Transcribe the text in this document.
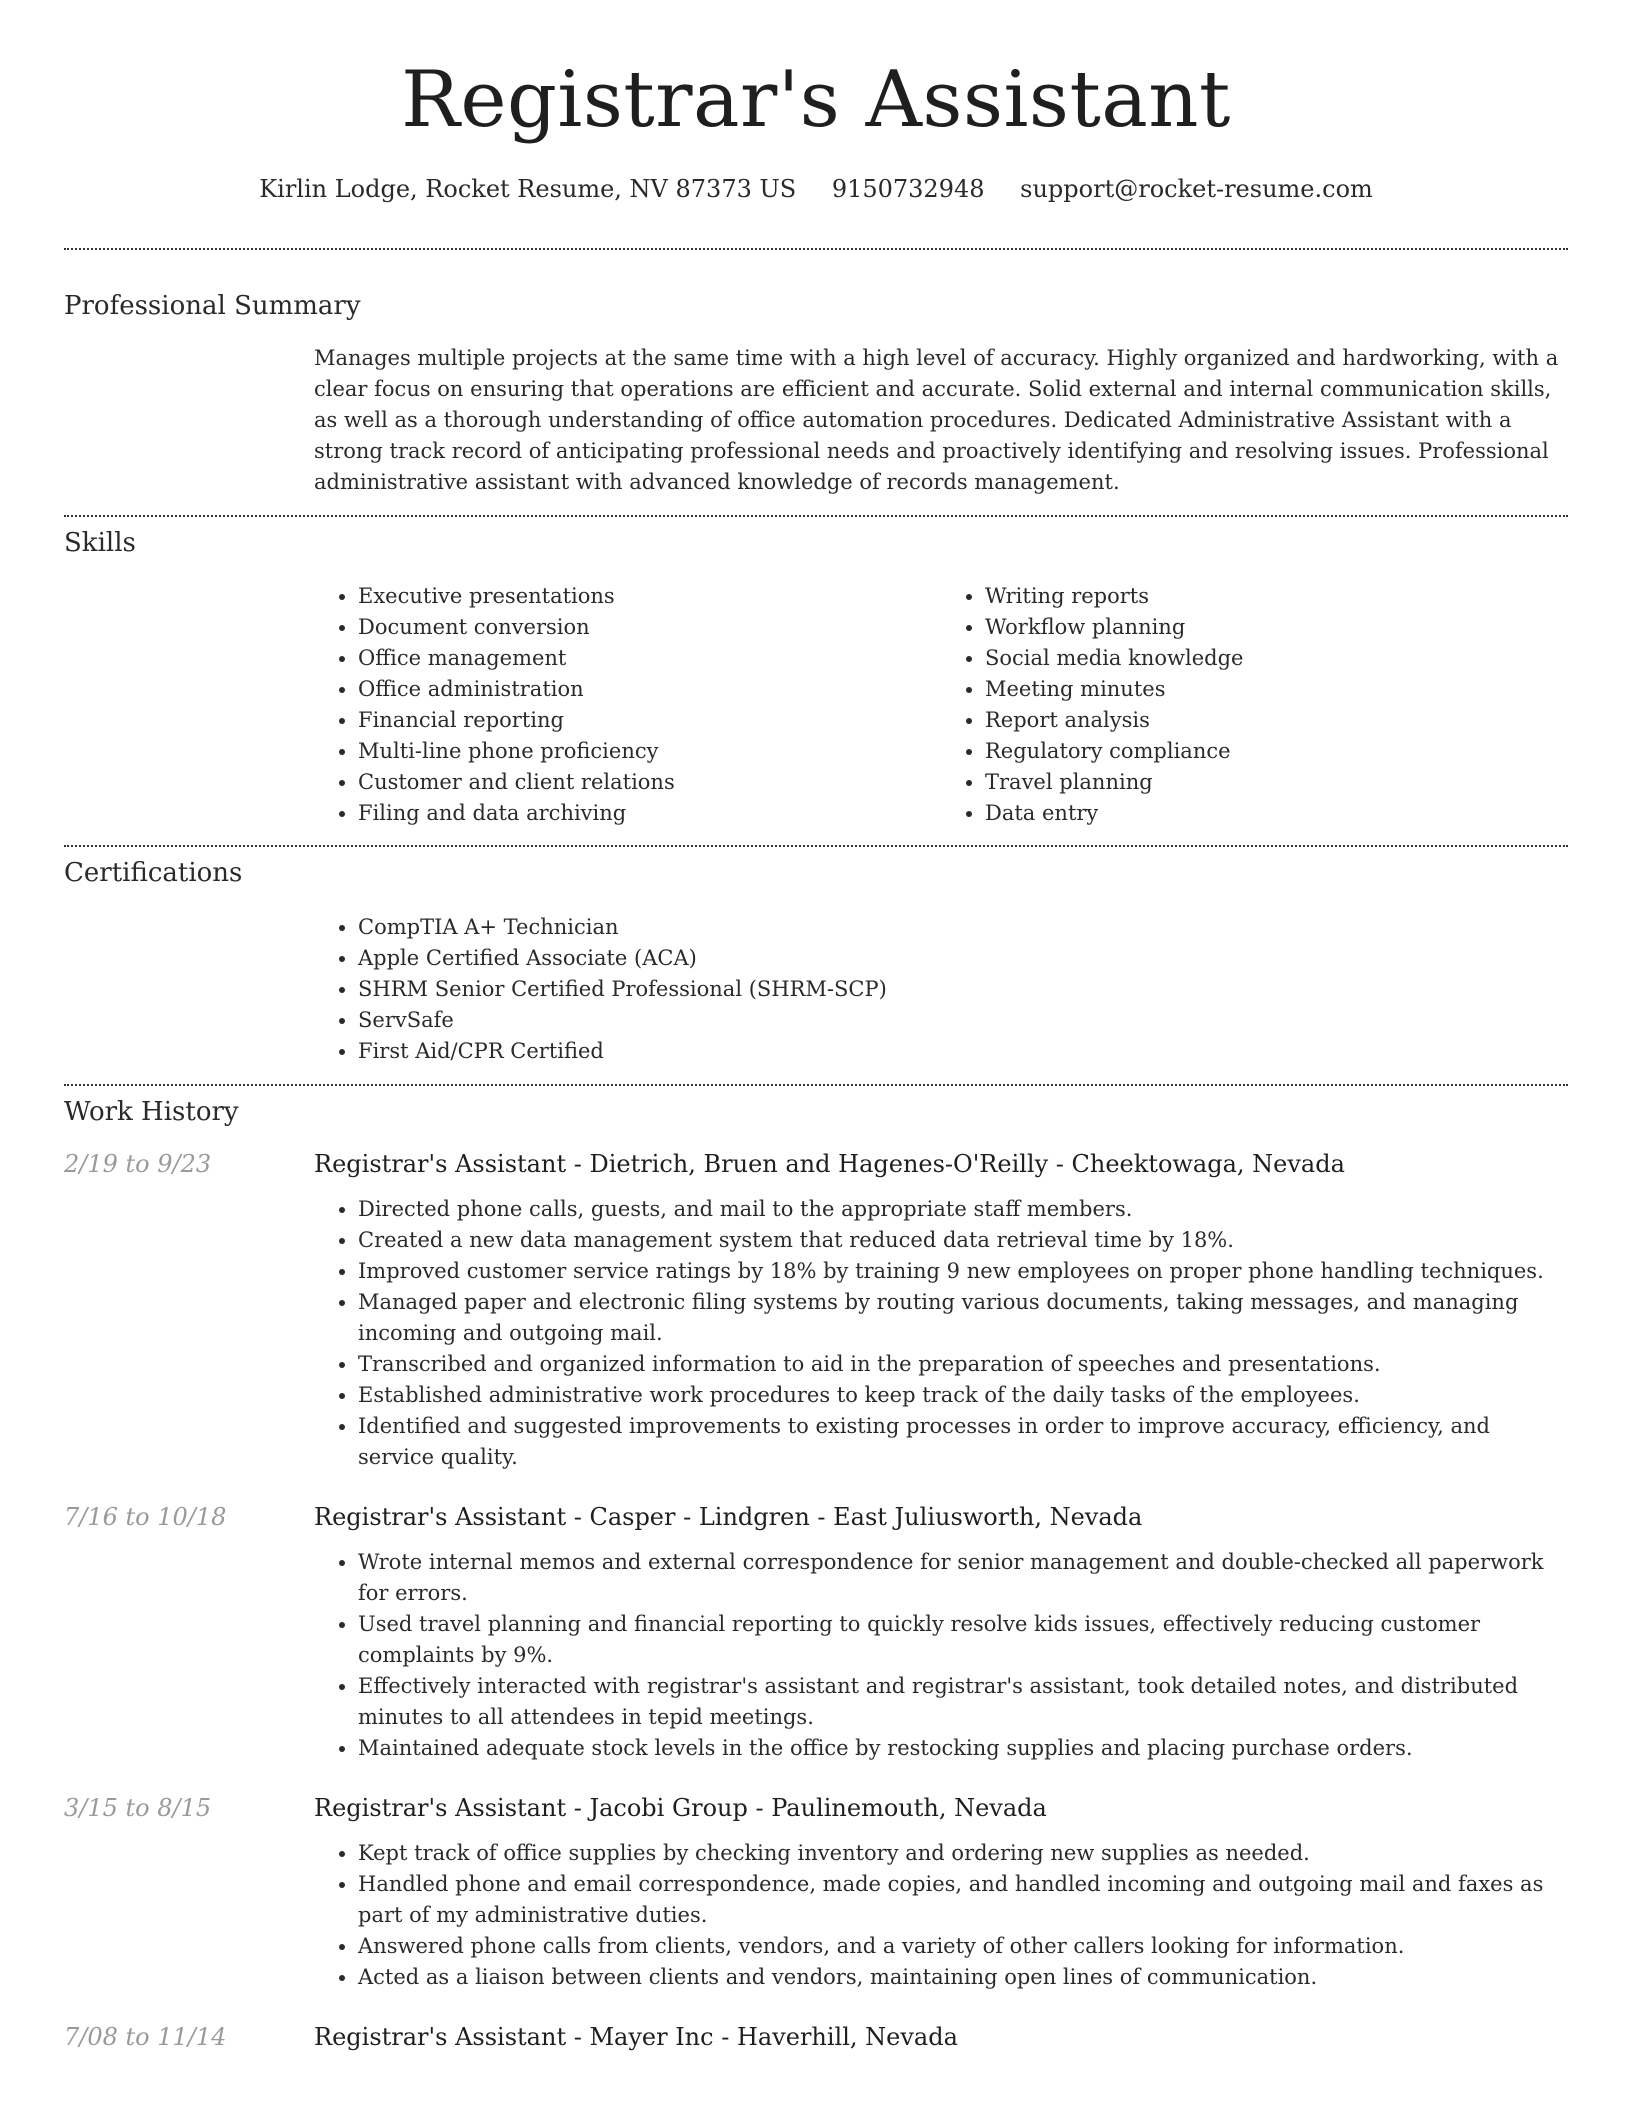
Registrar's Assistant
Kirlin Lodge, Rocket Resume, NV 87373 US 9150732948 support@rocket-resume.com
Professional Summary

Manages multiple projects at the same time with a high level of accuracy. Highly organized and hardworking, with a clear focus on ensuring that operations are efficient and accurate. Solid external and internal communication skills, as well as a thorough understanding of office automation procedures. Dedicated Administrative Assistant with a strong track record of anticipating professional needs and proactively identifying and resolving issues. Professional administrative assistant with advanced knowledge of records management.

Skills
• Executive presentations
• Document conversion
• Office management
• Office administration
• Financial reporting
• Multi-line phone proficiency
• Customer and client relations
• Filing and data archiving
• Writing reports
• Workflow planning
• Social media knowledge
• Meeting minutes
• Report analysis
• Regulatory compliance
• Travel planning
• Data entry
Certifications
• CompTIA A+ Technician
• Apple Certified Associate (ACA)
• SHRM Senior Certified Professional (SHRM-SCP)
• ServSafe
• First Aid/CPR Certified
Work History
2/19 to 9/23	Registrar's Assistant - Dietrich, Bruen and Hagenes-O'Reilly - Cheektowaga, Nevada
• Directed phone calls, guests, and mail to the appropriate staff members.
• Created a new data management system that reduced data retrieval time by 18%.
• Improved customer service ratings by 18% by training 9 new employees on proper phone handling techniques.
• Managed paper and electronic filing systems by routing various documents, taking messages, and managing incoming and outgoing mail.
• Transcribed and organized information to aid in the preparation of speeches and presentations.
• Established administrative work procedures to keep track of the daily tasks of the employees.
• Identified and suggested improvements to existing processes in order to improve accuracy, efficiency, and service quality.
7/16 to 10/18	Registrar's Assistant - Casper - Lindgren - East Juliusworth, Nevada
• Wrote internal memos and external correspondence for senior management and double-checked all paperwork for errors.
• Used travel planning and financial reporting to quickly resolve kids issues, effectively reducing customer complaints by 9%.
• Effectively interacted with registrar's assistant and registrar's assistant, took detailed notes, and distributed minutes to all attendees in tepid meetings.
• Maintained adequate stock levels in the office by restocking supplies and placing purchase orders.
3/15 to 8/15	Registrar's Assistant - Jacobi Group - Paulinemouth, Nevada
• Kept track of office supplies by checking inventory and ordering new supplies as needed.
• Handled phone and email correspondence, made copies, and handled incoming and outgoing mail and faxes as part of my administrative duties.
• Answered phone calls from clients, vendors, and a variety of other callers looking for information.
• Acted as a liaison between clients and vendors, maintaining open lines of communication.
7/08 to 11/14	Registrar's Assistant - Mayer Inc - Haverhill, Nevada
